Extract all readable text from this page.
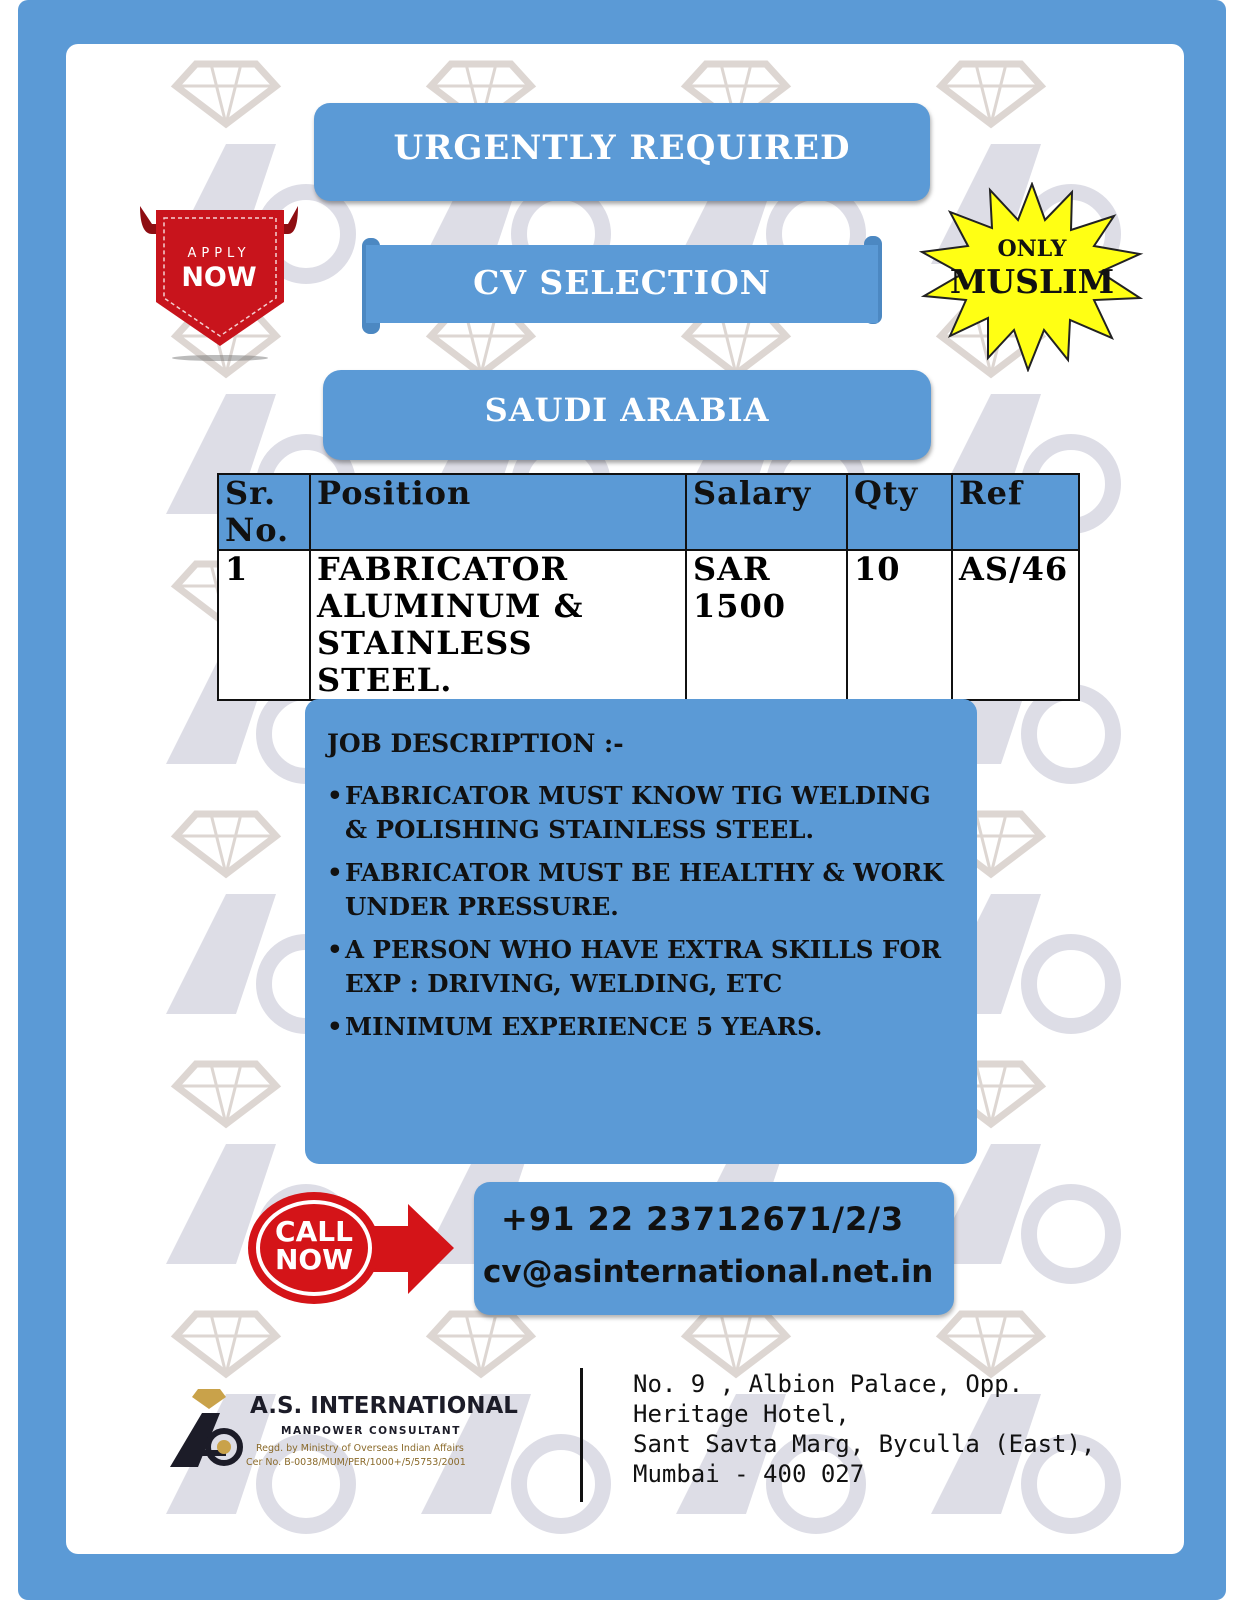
URGENTLY REQUIRED
CV SELECTION
SAUDI ARABIA
APPLY
NOW
ONLY
MUSLIM
Sr. No.	Position	Salary	Qty	Ref
1	FABRICATOR ALUMINUM & STAINLESS STEEL.	SAR 1500	10	AS/46
JOB DESCRIPTION :-
• FABRICATOR MUST KNOW TIG WELDING & POLISHING STAINLESS STEEL.
• FABRICATOR MUST BE HEALTHY & WORK UNDER PRESSURE.
• A PERSON WHO HAVE EXTRA SKILLS FOR EXP : DRIVING, WELDING, ETC
• MINIMUM EXPERIENCE 5 YEARS.
CALL
NOW
+91 22 23712671/2/3
cv@asinternational.net.in
A.S. INTERNATIONAL
MANPOWER CONSULTANT
Regd. by Ministry of Overseas Indian Affairs
Cer No. B-0038/MUM/PER/1000+/5/5753/2001
No. 9 , Albion Palace, Opp.
Heritage Hotel,
Sant Savta Marg, Byculla (East),
Mumbai - 400 027
